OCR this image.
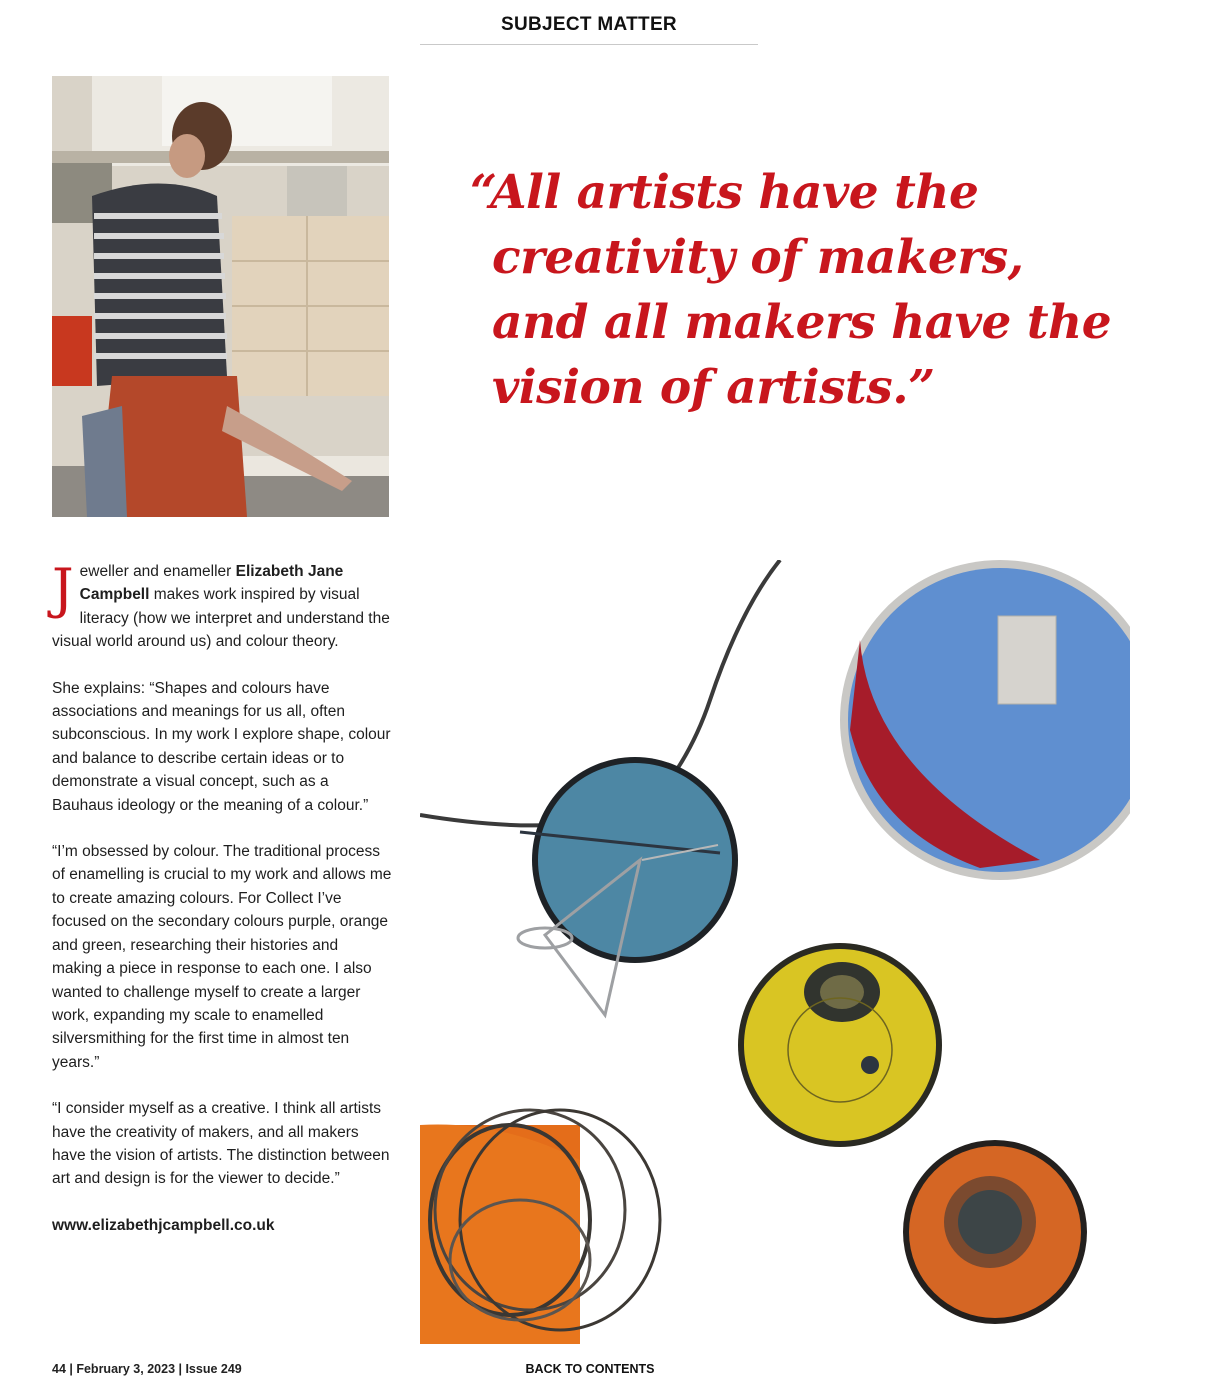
SUBJECT MATTER
“All artists have the
creativity of makers,
and all makers have the
vision of artists.”

Jeweller and enameller Elizabeth Jane Campbell makes work inspired by visual literacy (how we interpret and understand the visual world around us) and colour theory.

She explains: “Shapes and colours have associations and meanings for us all, often subconscious. In my work I explore shape, colour and balance to describe certain ideas or to demonstrate a visual concept, such as a Bauhaus ideology or the meaning of a colour.”

“I’m obsessed by colour. The traditional process of enamelling is crucial to my work and allows me to create amazing colours. For Collect I’ve focused on the secondary colours purple, orange and green, researching their histories and making a piece in response to each one. I also wanted to challenge myself to create a larger work, expanding my scale to enamelled silversmithing for the first time in almost ten years.”

“I consider myself as a creative. I think all artists have the creativity of makers, and all makers have the vision of artists. The distinction between art and design is for the viewer to decide.”

www.elizabethjcampbell.co.uk

44 | February 3, 2023 | Issue 249	BACK TO CONTENTS
